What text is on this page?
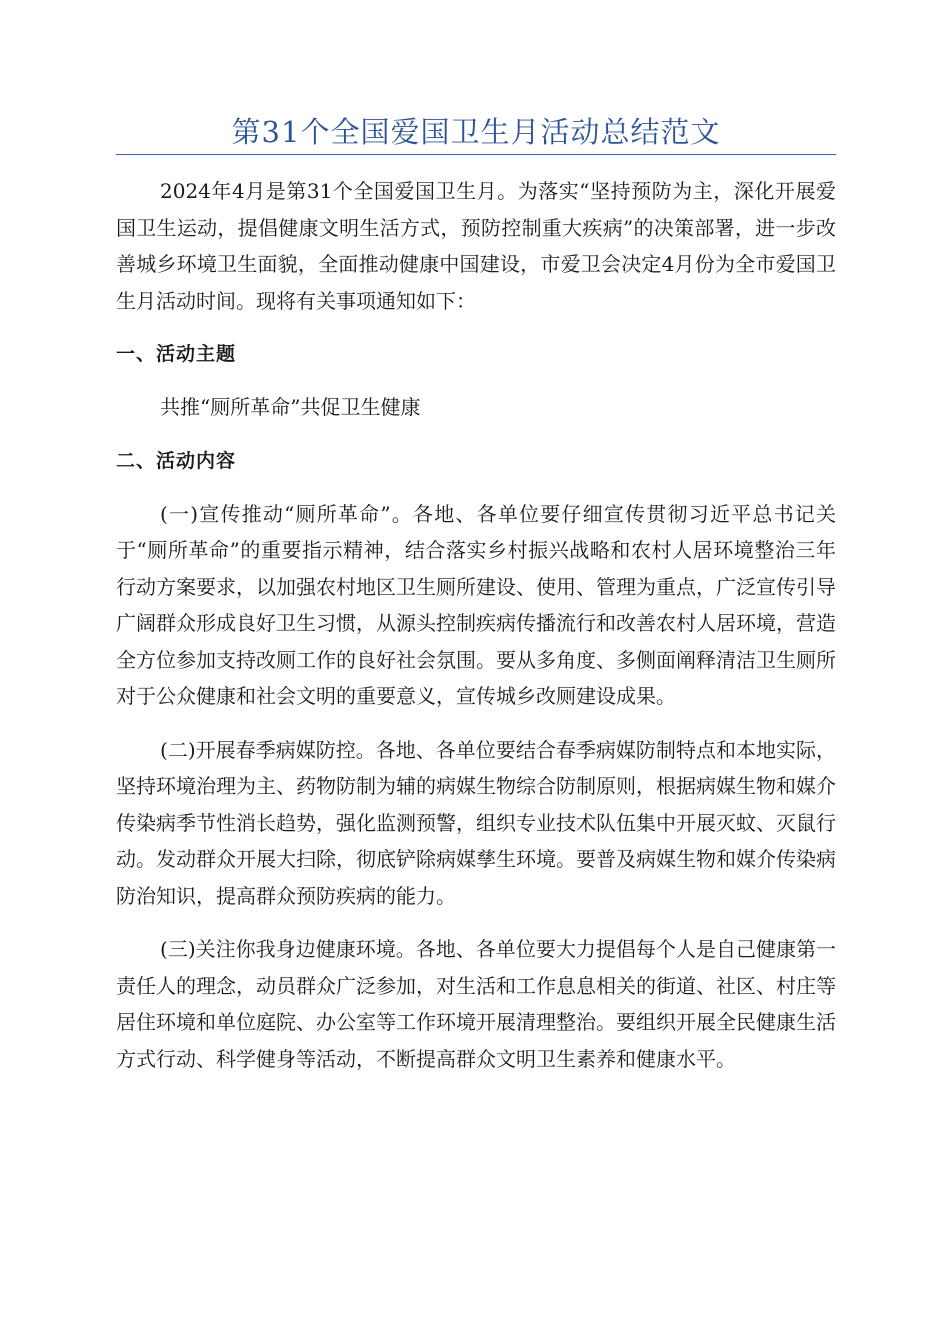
第31个全国爱国卫生月活动总结范文

2024年4月是第31个全国爱国卫生月。为落实“坚持预防为主，深化开展爱国卫生运动，提倡健康文明生活方式，预防控制重大疾病”的决策部署，进一步改善城乡环境卫生面貌，全面推动健康中国建设，市爱卫会决定4月份为全市爱国卫生月活动时间。现将有关事项通知如下：

一、活动主题

共推“厕所革命”共促卫生健康

二、活动内容

(一)宣传推动“厕所革命”。各地、各单位要仔细宣传贯彻习近平总书记关于“厕所革命”的重要指示精神，结合落实乡村振兴战略和农村人居环境整治三年行动方案要求，以加强农村地区卫生厕所建设、使用、管理为重点，广泛宣传引导广阔群众形成良好卫生习惯，从源头控制疾病传播流行和改善农村人居环境，营造全方位参加支持改厕工作的良好社会氛围。要从多角度、多侧面阐释清洁卫生厕所对于公众健康和社会文明的重要意义，宣传城乡改厕建设成果。

(二)开展春季病媒防控。各地、各单位要结合春季病媒防制特点和本地实际，坚持环境治理为主、药物防制为辅的病媒生物综合防制原则，根据病媒生物和媒介传染病季节性消长趋势，强化监测预警，组织专业技术队伍集中开展灭蚊、灭鼠行动。发动群众开展大扫除，彻底铲除病媒孳生环境。要普及病媒生物和媒介传染病防治知识，提高群众预防疾病的能力。

(三)关注你我身边健康环境。各地、各单位要大力提倡每个人是自己健康第一责任人的理念，动员群众广泛参加，对生活和工作息息相关的街道、社区、村庄等居住环境和单位庭院、办公室等工作环境开展清理整治。要组织开展全民健康生活方式行动、科学健身等活动，不断提高群众文明卫生素养和健康水平。
